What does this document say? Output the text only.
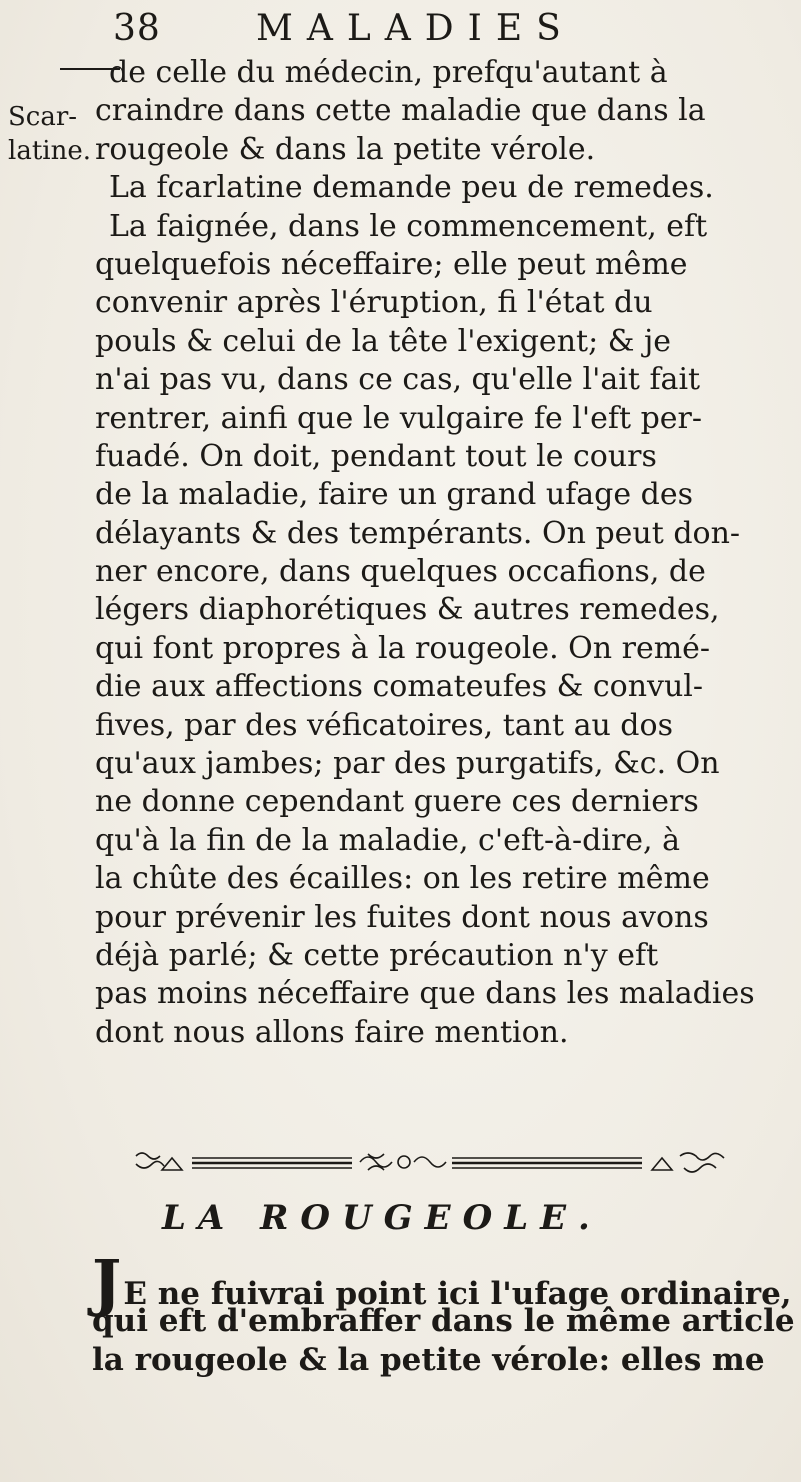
38	MALADIES
Scar-
latine.
de celle du médecin, prefqu'autant à
craindre dans cette maladie que dans la
rougeole & dans la petite vérole.
La fcarlatine demande peu de remedes.
La faignée, dans le commencement, eft
quelquefois néceffaire; elle peut même
convenir après l'éruption, fi l'état du
pouls & celui de la tête l'exigent; & je
n'ai pas vu, dans ce cas, qu'elle l'ait fait
rentrer, ainfi que le vulgaire fe l'eft per-
fuadé. On doit, pendant tout le cours
de la maladie, faire un grand ufage des
délayants & des tempérants. On peut don-
ner encore, dans quelques occafions, de
légers diaphorétiques & autres remedes,
qui font propres à la rougeole. On remé-
die aux affections comateufes & convul-
fives, par des véficatoires, tant au dos
qu'aux jambes; par des purgatifs, &c. On
ne donne cependant guere ces derniers
qu'à la fin de la maladie, c'eft-à-dire, à
la chûte des écailles: on les retire même
pour prévenir les fuites dont nous avons
déjà parlé; & cette précaution n'y eft
pas moins néceffaire que dans les maladies
dont nous allons faire mention.
LA ROUGEOLE.
JE ne fuivrai point ici l'ufage ordinaire,
qui eft d'embraffer dans le même article
la rougeole & la petite vérole: elles me
